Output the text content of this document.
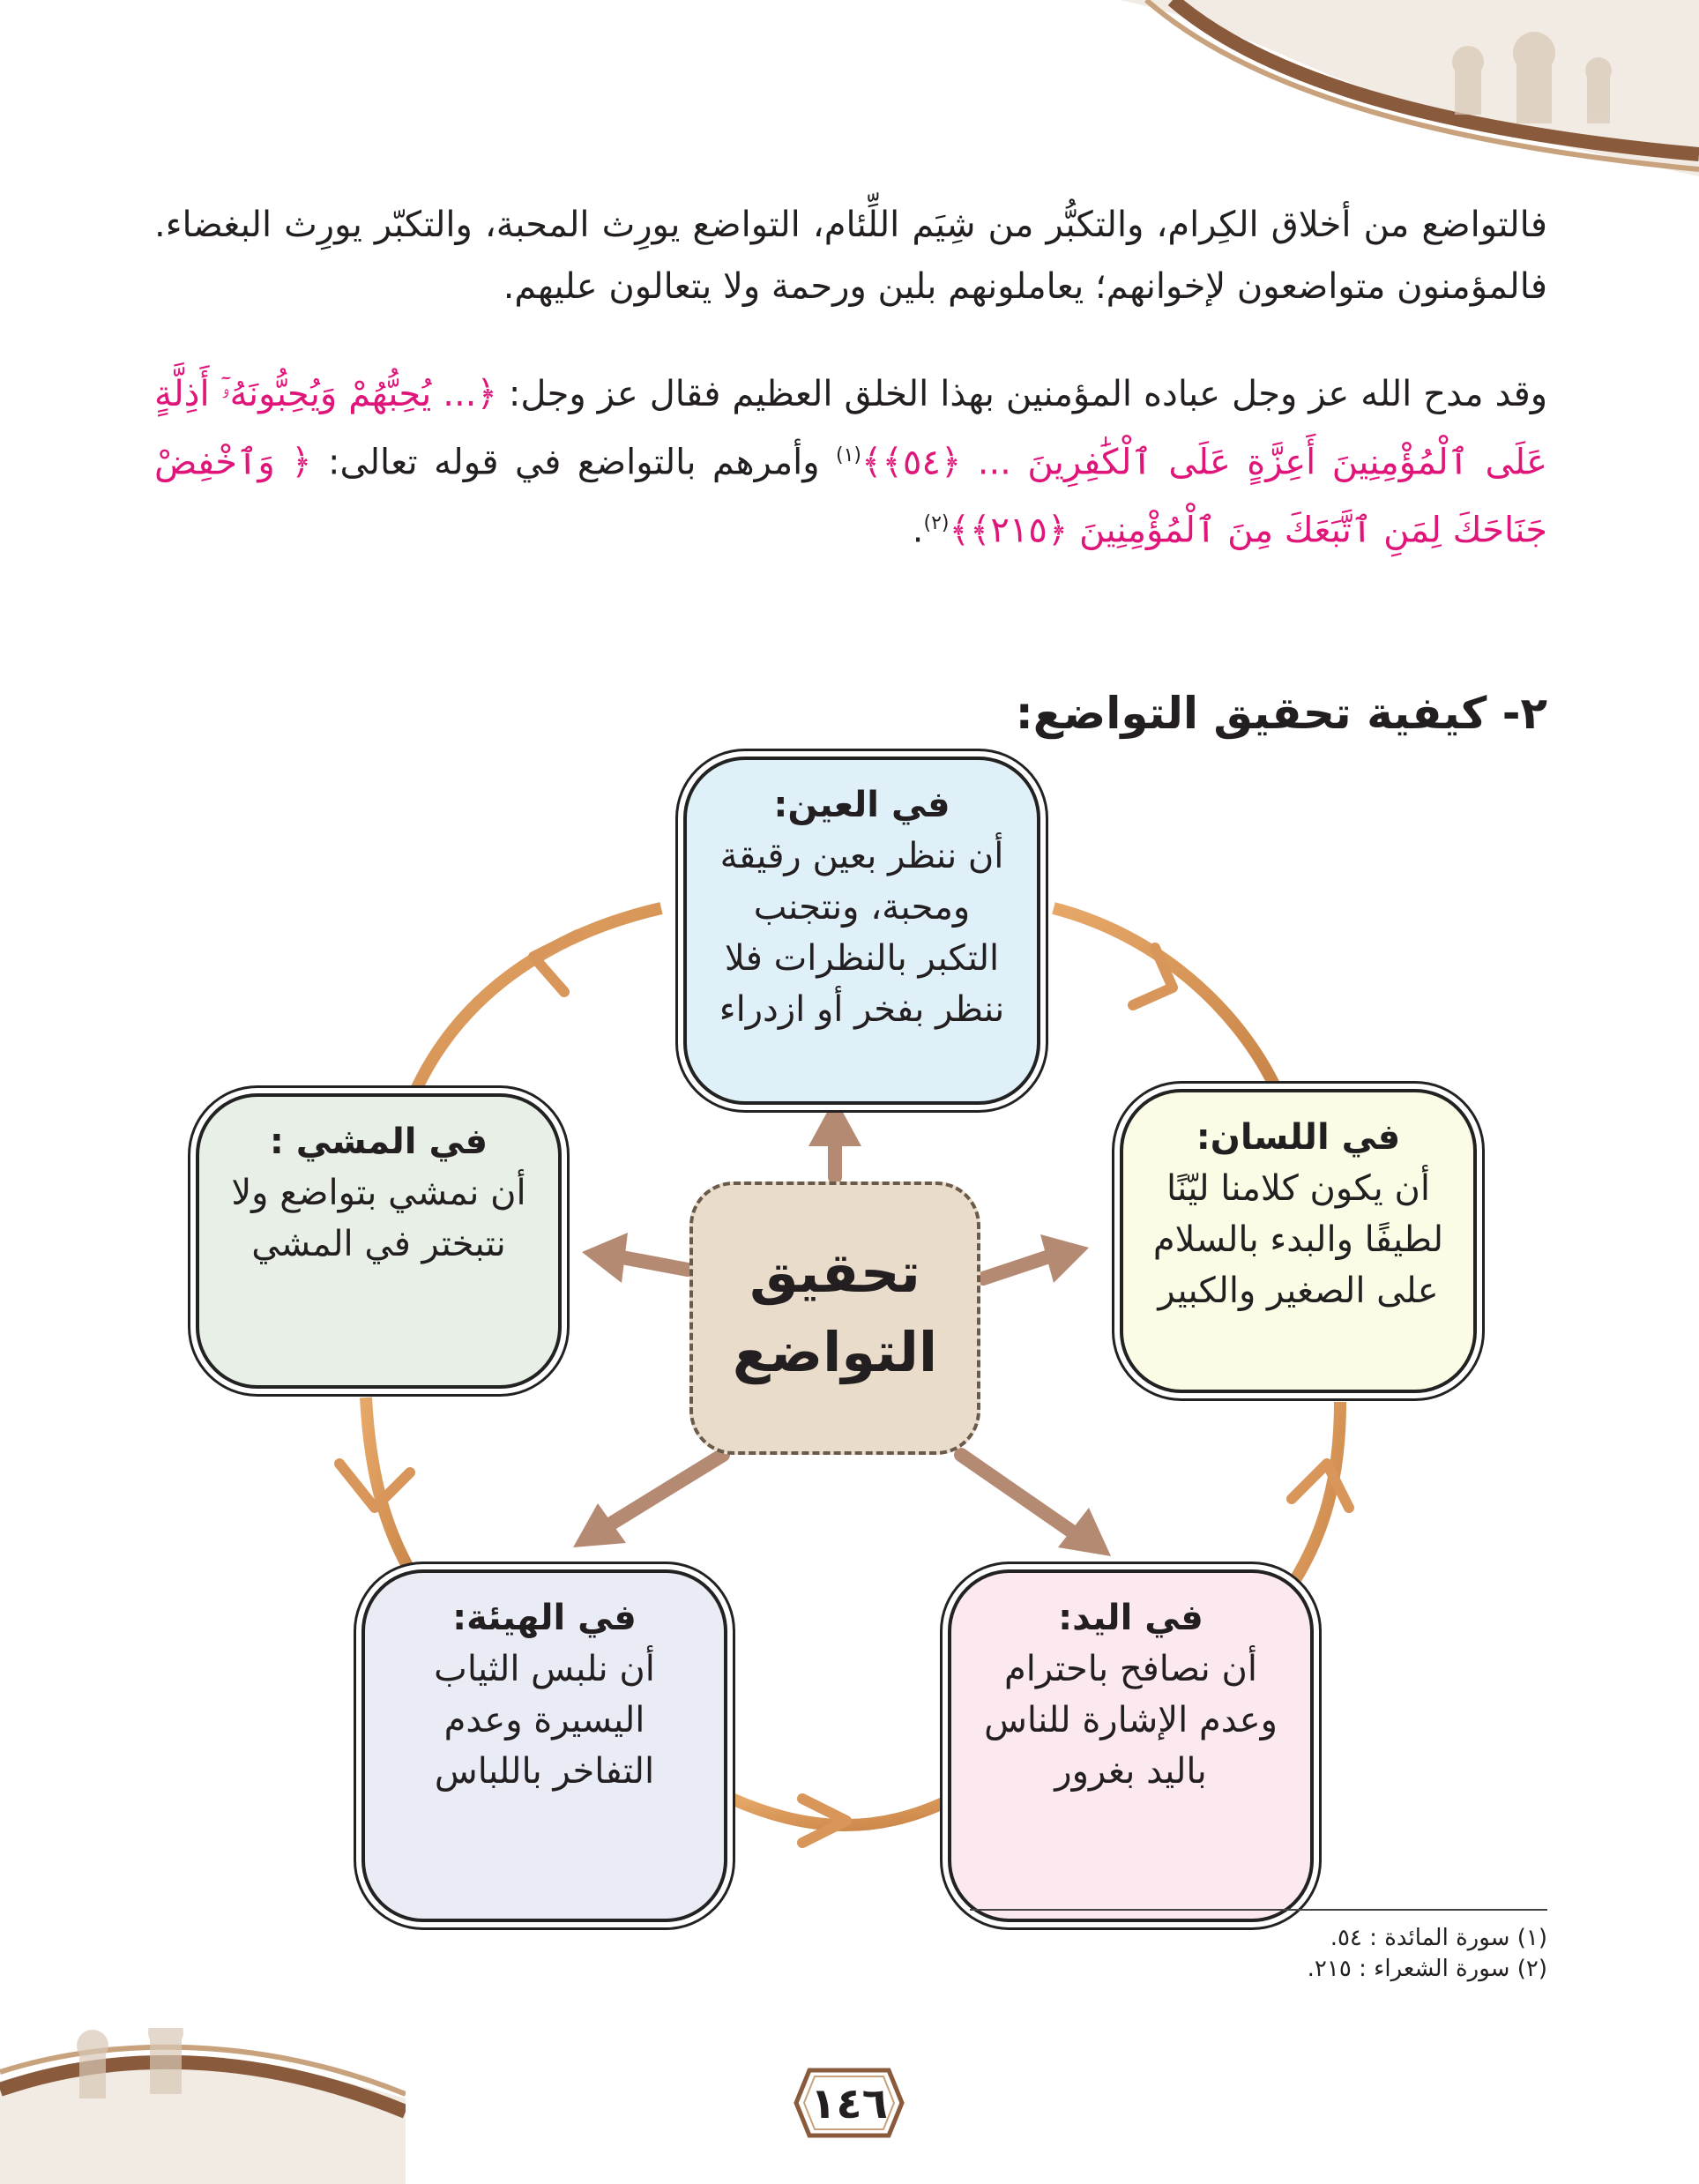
فالتواضع من أخلاق الكِرام، والتكبُّر من شِيَم اللِّئام، التواضع يورِث المحبة، والتكبّر يورِث البغضاء. فالمؤمنون متواضعون لإخوانهم؛ يعاملونهم بلين ورحمة ولا يتعالون عليهم.
وقد مدح الله عز وجل عباده المؤمنين بهذا الخلق العظيم فقال عز وجل: ﴿... يُحِبُّهُمْ وَيُحِبُّونَهُۥٓ أَذِلَّةٍ عَلَى ٱلْمُؤْمِنِينَ أَعِزَّةٍ عَلَى ٱلْكَٰفِرِينَ ... ﴿٥٤﴾﴾$^{(١)}$ وأمرهم بالتواضع في قوله تعالى: ﴿ وَٱخْفِضْ جَنَاحَكَ لِمَنِ ٱتَّبَعَكَ مِنَ ٱلْمُؤْمِنِينَ ﴿٢١٥﴾﴾$^{(٢)}$.
٢- كيفية تحقيق التواضع:
في العين:
أن ننظر بعين رقيقة ومحبة، ونتجنب التكبر بالنظرات فلا ننظر بفخر أو ازدراء
في اللسان:
أن يكون كلامنا ليّنًا لطيفًا والبدء بالسلام على الصغير والكبير
في المشي :
أن نمشي بتواضع ولا نتبختر في المشي
في الهيئة:
أن نلبس الثياب اليسيرة وعدم التفاخر باللباس
في اليد:
أن نصافح باحترام وعدم الإشارة للناس باليد بغرور
تحقيق
التواضع
(١) سورة المائدة : ٥٤.
(٢) سورة الشعراء : ٢١٥.
١٤٦
